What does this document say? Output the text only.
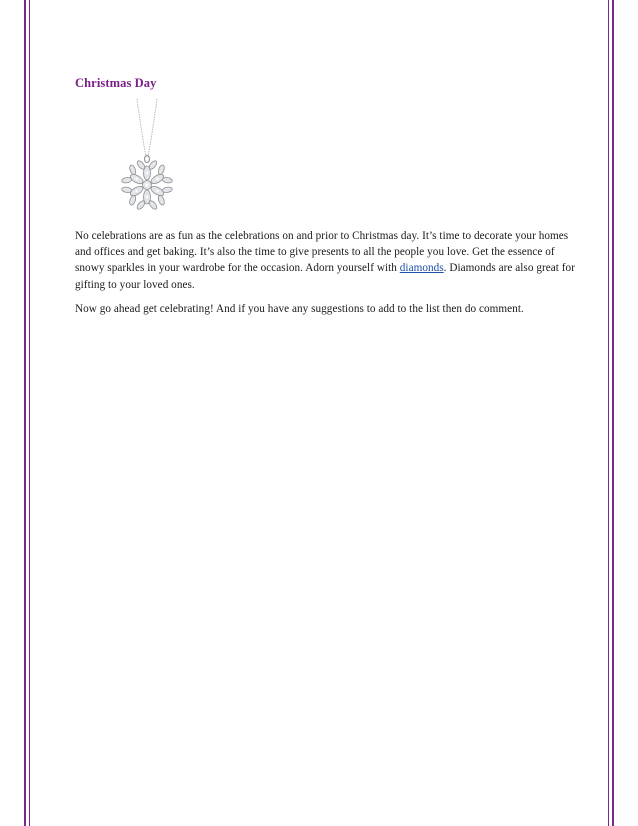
Christmas Day

No celebrations are as fun as the celebrations on and prior to Christmas day. It’s time to decorate your homes and offices and get baking. It’s also the time to give presents to all the people you love. Get the essence of snowy sparkles in your wardrobe for the occasion. Adorn yourself with diamonds. Diamonds are also great for gifting to your loved ones.

Now go ahead get celebrating! And if you have any suggestions to add to the list then do comment.
